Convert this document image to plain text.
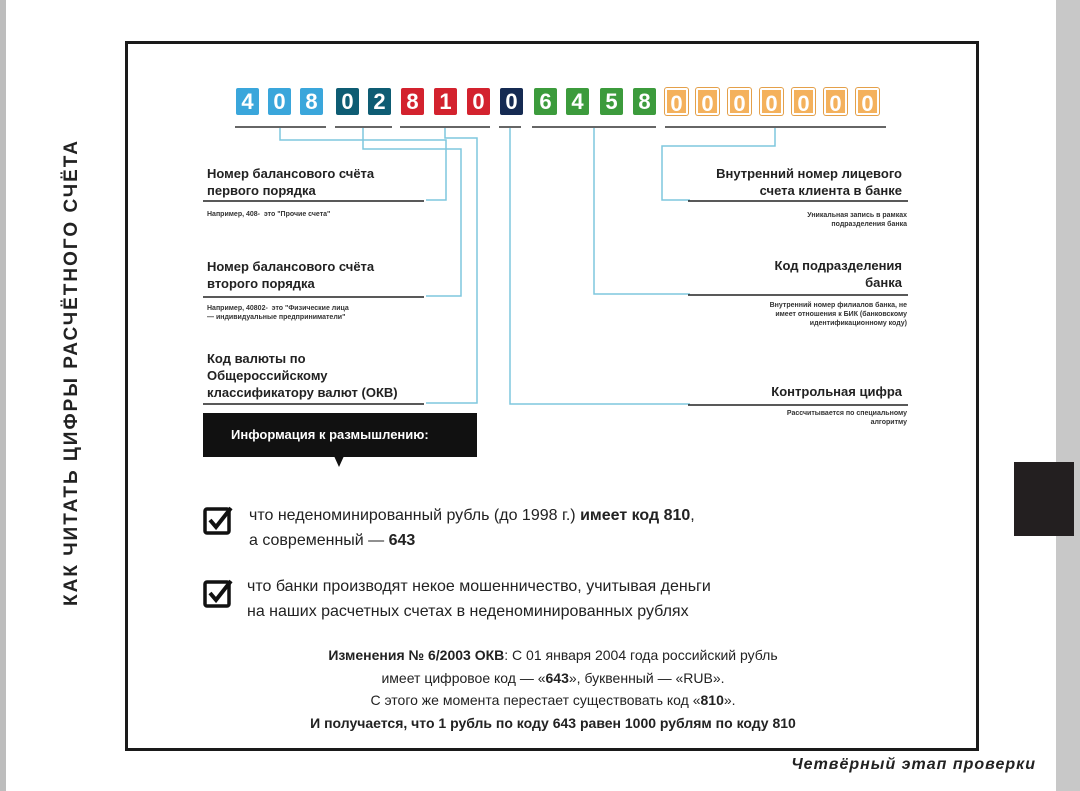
КАК ЧИТАТЬ ЦИФРЫ РАСЧЁТНОГО СЧЁТА
4 0 8 0 2 8 1 0 0 6 4 5 8 0 0 0 0 0 0 0
Номер балансового счёта
первого порядка
Например, 408-  это "Прочие счета"
Номер балансового счёта
второго порядка
Например, 40802-  это "Физические лица
— индивидуальные предприниматели"
Код валюты по
Общероссийскому
классификатору валют (ОКВ)
Внутренний номер лицевого
счета клиента в банке
Уникальная запись в рамках
подразделения банка
Код подразделения
банка
Внутренний номер филиалов банка, не
имеет отношения к БИК (банковскому
идентификационному коду)
Контрольная цифра
Рассчитывается по специальному
алгоритму
Информация к размышлению:
что неденоминированный рубль (до 1998 г.) имеет код 810,
а современный — 643
что банки производят некое мошенничество, учитывая деньги
на наших расчетных счетах в неденоминированных рублях
Изменения № 6/2003 ОКВ: С 01 января 2004 года российский рубль
имеет цифровое код — «643», буквенный — «RUB».
С этого же момента перестает существовать код «810».
И получается, что 1 рубль по коду 643 равен 1000 рублям по коду 810
Четвёрный этап проверки
